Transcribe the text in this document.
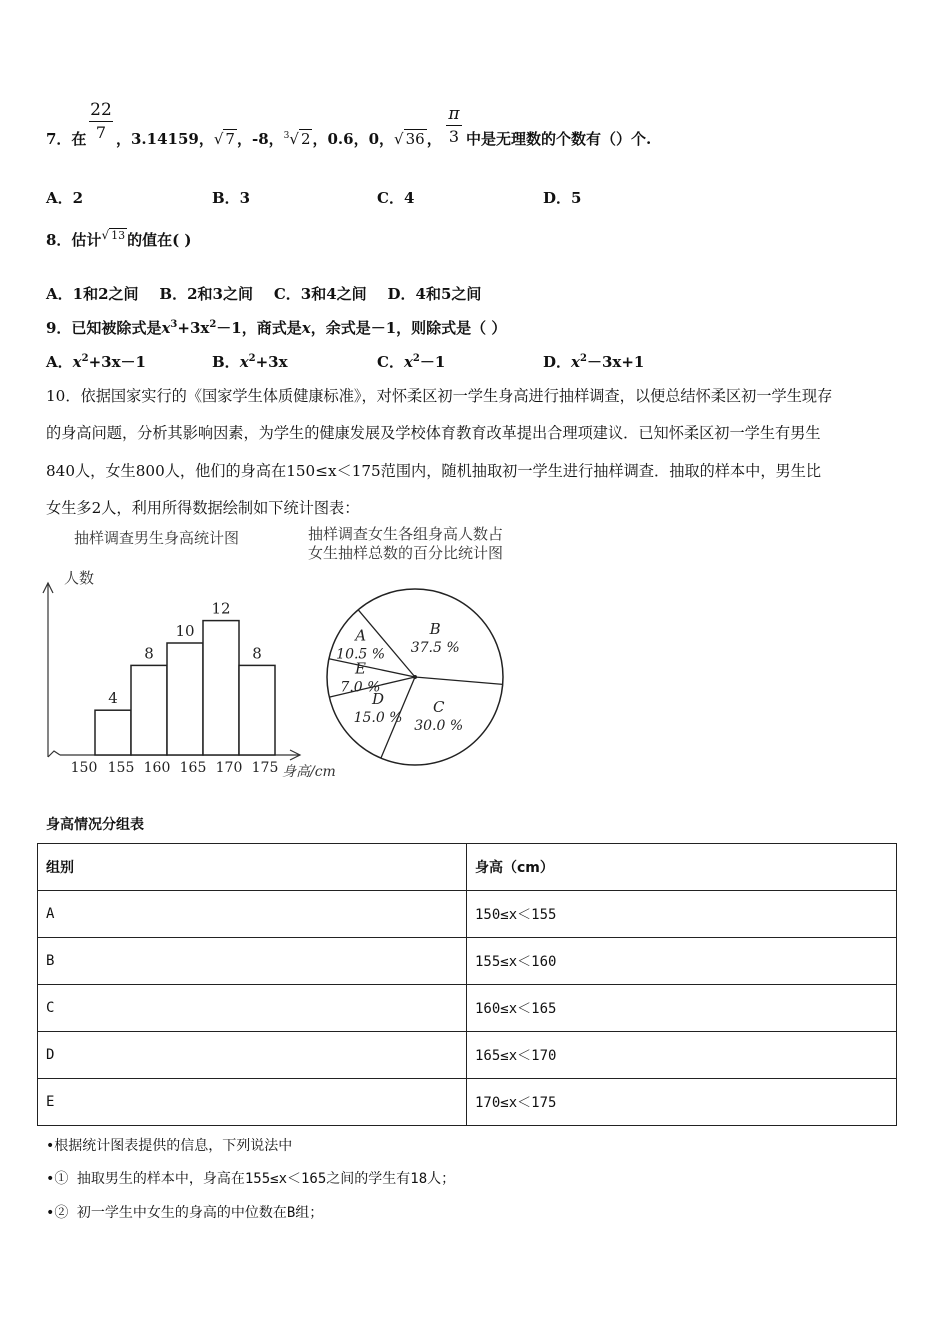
7．在
22
7 ，3.14159，√ 7 ，-8，$^3$√ 2 ，0.6，0，√ 36 ，
π
3 中是无理数的个数有（）个.
A．2	B．3	C．4	D．5
8．估计√ 13 的值在( )
A．1和2之间    B．2和3之间    C．3和4之间    D．4和5之间
9．已知被除式是$x^3+3x^2-1$，商式是x，余式是－1，则除式是（ ）
A．$x^2+3x-1$	B．$x^2+3x$	C．$x^2-1$	D．$x^2-3x+1$
10．依据国家实行的《国家学生体质健康标准》，对怀柔区初一学生身高进行抽样调查，以便总结怀柔区初一学生现存
的身高问题，分析其影响因素，为学生的健康发展及学校体育教育改革提出合理项建议．已知怀柔区初一学生有男生
840人，女生800人，他们的身高在150≤x＜175范围内，随机抽取初一学生进行抽样调查．抽取的样本中，男生比
女生多2人，利用所得数据绘制如下统计图表：
抽样调查男生身高统计图
人数
身高/cm
4
8
10
12
8
150 155 160 165 170 175
抽样调查女生各组身高人数占
女生抽样总数的百分比统计图
A
10.5 %
B
37.5 %
C
30.0 %
D
15.0 %
E
7.0 %
身高情况分组表
组别	身高（cm）
A	150≤x＜155
B	155≤x＜160
C	160≤x＜165
D	165≤x＜170
E	170≤x＜175
•根据统计图表提供的信息，下列说法中
•① 抽取男生的样本中，身高在155≤x＜165之间的学生有18人；
•② 初一学生中女生的身高的中位数在B组；
